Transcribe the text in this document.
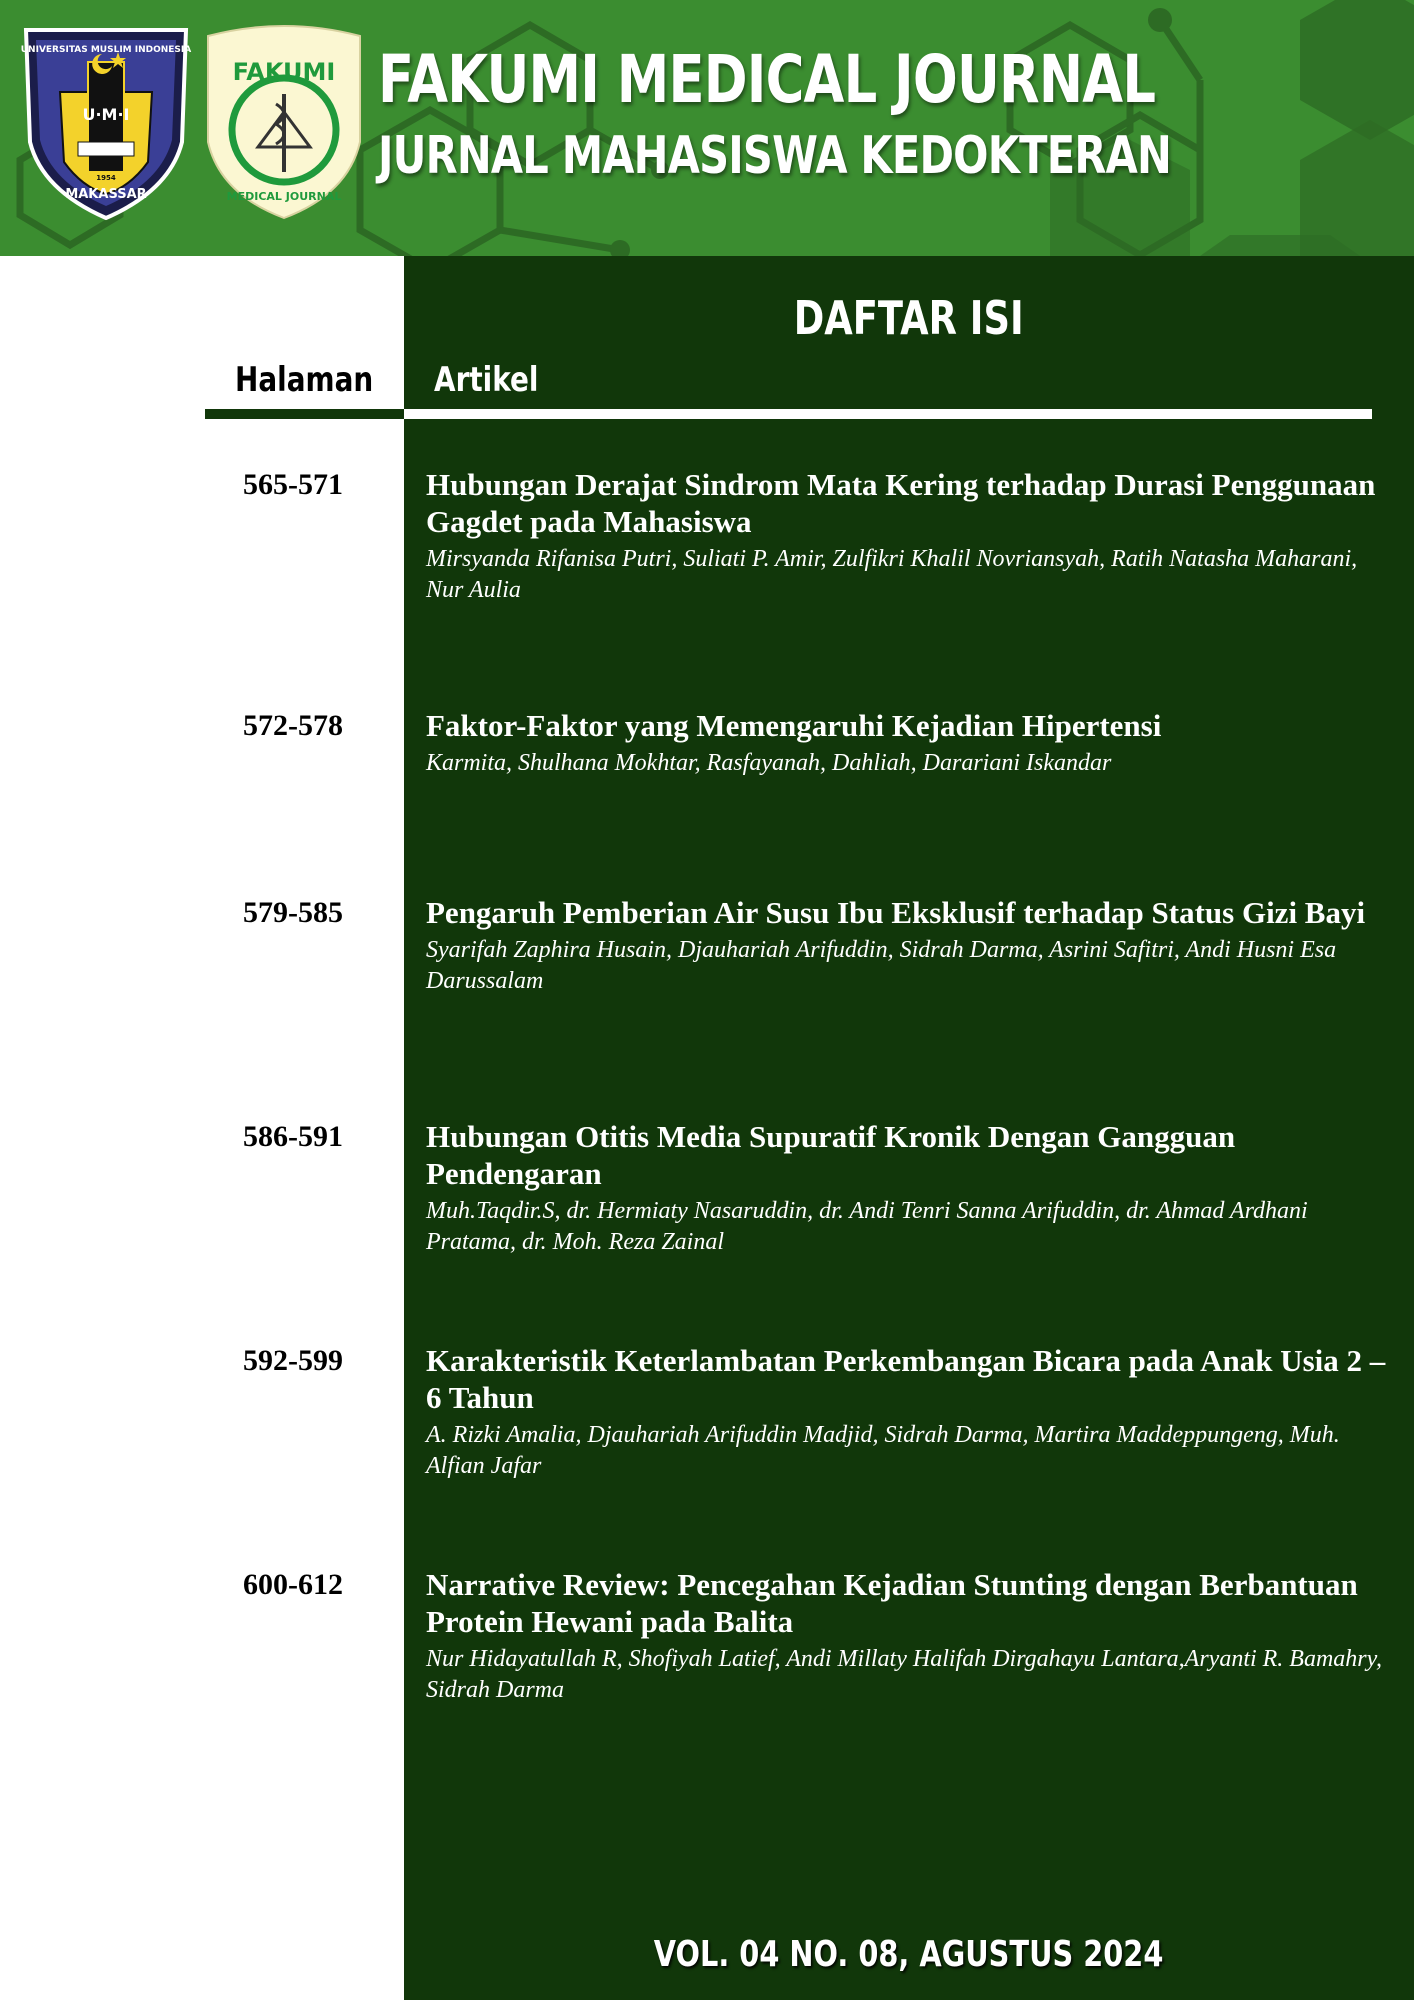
UNIVERSITAS MUSLIM INDONESIA
U·M·I
1954
MAKASSAR
FAKUMI
MEDICAL JOURNAL
FAKUMI MEDICAL JOURNAL
JURNAL MAHASISWA KEDOKTERAN
DAFTAR ISI
Halaman	Artikel
565-571	Hubungan Derajat Sindrom Mata Kering terhadap Durasi Penggunaan Gagdet pada Mahasiswa
Mirsyanda Rifanisa Putri, Suliati P. Amir, Zulfikri Khalil Novriansyah, Ratih Natasha Maharani, Nur Aulia
572-578	Faktor-Faktor yang Memengaruhi Kejadian Hipertensi
Karmita, Shulhana Mokhtar, Rasfayanah, Dahliah, Darariani Iskandar
579-585	Pengaruh Pemberian Air Susu Ibu Eksklusif terhadap Status Gizi Bayi
Syarifah Zaphira Husain, Djauhariah Arifuddin, Sidrah Darma, Asrini Safitri, Andi Husni Esa Darussalam
586-591	Hubungan Otitis Media Supuratif Kronik Dengan Gangguan Pendengaran
Muh.Taqdir.S, dr. Hermiaty Nasaruddin, dr. Andi Tenri Sanna Arifuddin, dr. Ahmad Ardhani Pratama, dr. Moh. Reza Zainal
592-599	Karakteristik Keterlambatan Perkembangan Bicara pada Anak Usia 2 – 6 Tahun
A. Rizki Amalia, Djauhariah Arifuddin Madjid, Sidrah Darma, Martira Maddeppungeng, Muh. Alfian Jafar
600-612	Narrative Review: Pencegahan Kejadian Stunting dengan Berbantuan Protein Hewani pada Balita
Nur Hidayatullah R, Shofiyah Latief, Andi Millaty Halifah Dirgahayu Lantara,Aryanti R. Bamahry, Sidrah Darma
VOL. 04 NO. 08, AGUSTUS 2024
